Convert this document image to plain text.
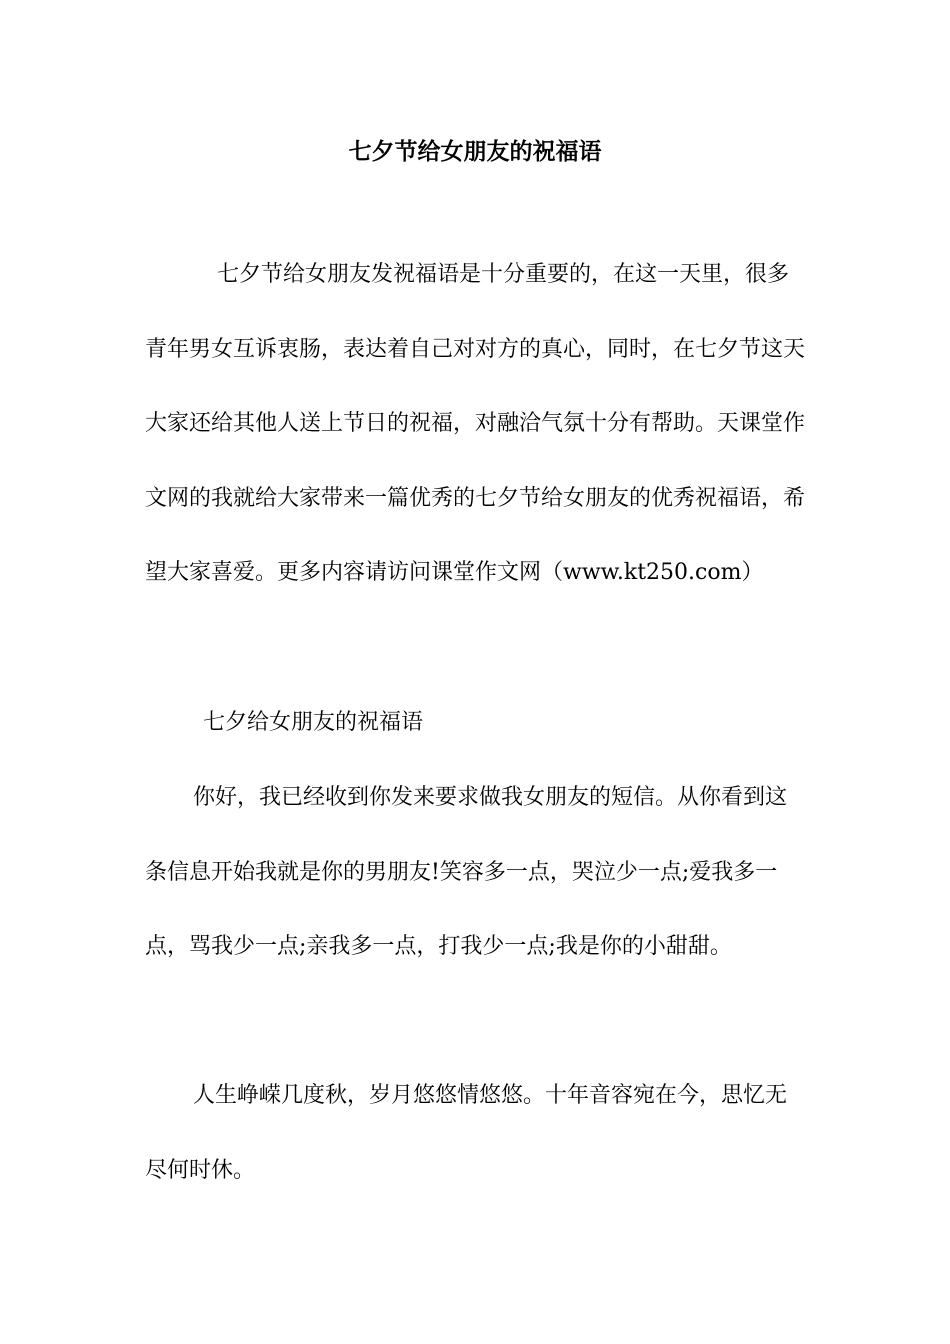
七夕节给女朋友的祝福语

七夕节给女朋友发祝福语是十分重要的，在这一天里，很多青年男女互诉衷肠，表达着自己对对方的真心，同时，在七夕节这天大家还给其他人送上节日的祝福，对融洽气氛十分有帮助。天课堂作文网的我就给大家带来一篇优秀的七夕节给女朋友的优秀祝福语，希望大家喜爱。更多内容请访问课堂作文网（www.kt250.com）

七夕给女朋友的祝福语

你好，我已经收到你发来要求做我女朋友的短信。从你看到这条信息开始我就是你的男朋友!笑容多一点，哭泣少一点;爱我多一点，骂我少一点;亲我多一点，打我少一点;我是你的小甜甜。

人生峥嵘几度秋，岁月悠悠情悠悠。十年音容宛在今，思忆无尽何时休。
